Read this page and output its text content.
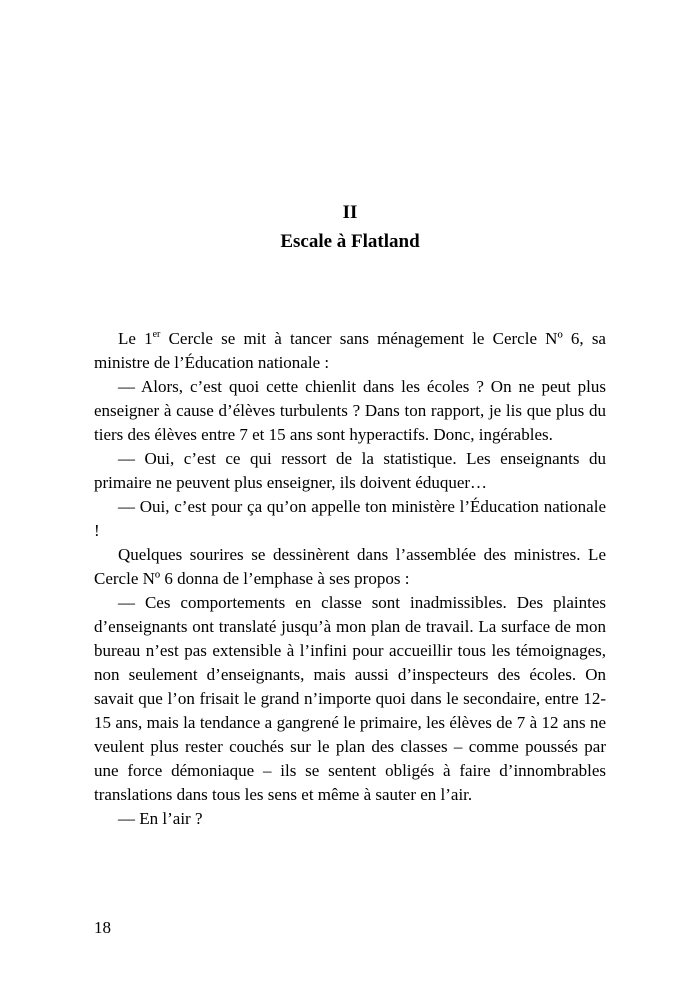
II
Escale à Flatland

Le 1er Cercle se mit à tancer sans ménagement le Cercle Nº 6, sa ministre de l’Éducation nationale :

— Alors, c’est quoi cette chienlit dans les écoles ? On ne peut plus enseigner à cause d’élèves turbulents ? Dans ton rapport, je lis que plus du tiers des élèves entre 7 et 15 ans sont hyperactifs. Donc, ingérables.

— Oui, c’est ce qui ressort de la statistique. Les enseignants du primaire ne peuvent plus enseigner, ils doivent éduquer…

— Oui, c’est pour ça qu’on appelle ton ministère l’Éducation nationale !

Quelques sourires se dessinèrent dans l’assemblée des ministres. Le Cercle Nº 6 donna de l’emphase à ses propos :

— Ces comportements en classe sont inadmissibles. Des plaintes d’enseignants ont translaté jusqu’à mon plan de travail. La surface de mon bureau n’est pas extensible à l’infini pour accueillir tous les témoignages, non seulement d’enseignants, mais aussi d’inspecteurs des écoles. On savait que l’on frisait le grand n’importe quoi dans le secondaire, entre 12-15 ans, mais la tendance a gangrené le primaire, les élèves de 7 à 12 ans ne veulent plus rester couchés sur le plan des classes – comme poussés par une force démoniaque – ils se sentent obligés à faire d’innombrables translations dans tous les sens et même à sauter en l’air.

— En l’air ?

18
